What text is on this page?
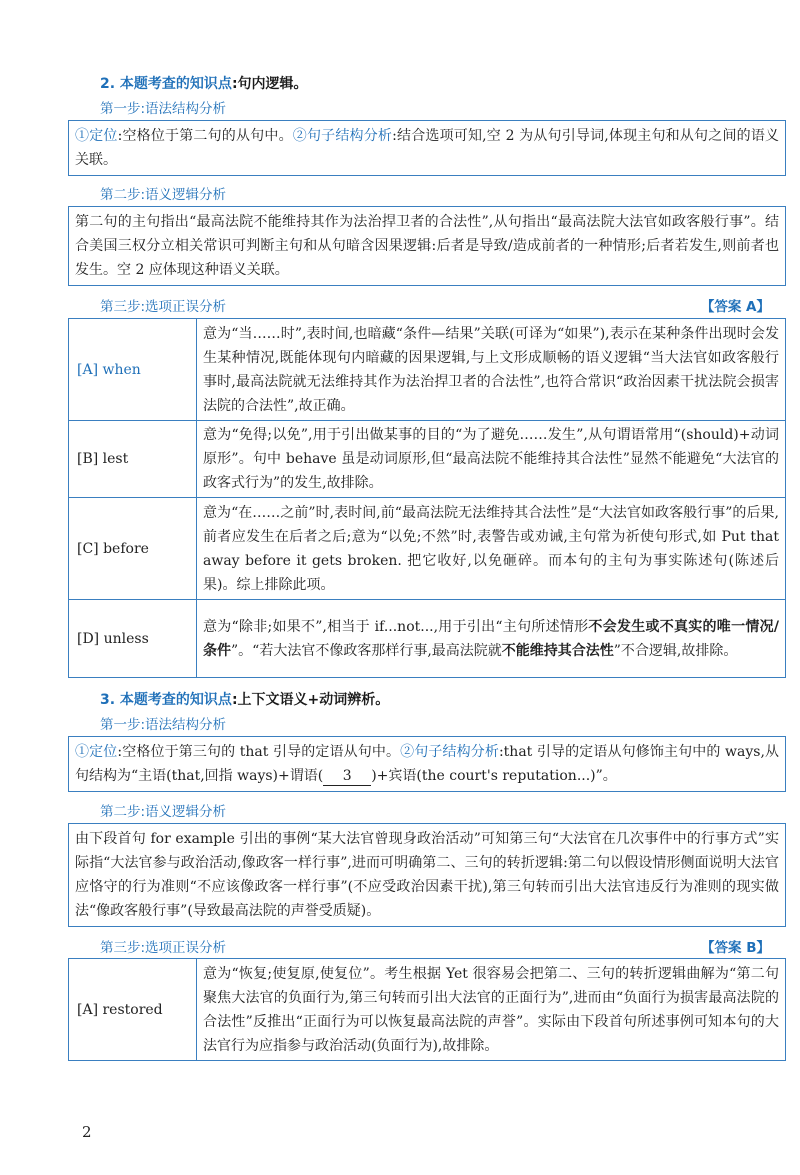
2. 本题考查的知识点:句内逻辑。
第一步:语法结构分析
①定位:空格位于第二句的从句中。②句子结构分析:结合选项可知,空 2 为从句引导词,体现主句和从句之间的语义关联。
第二步:语义逻辑分析
第二句的主句指出“最高法院不能维持其作为法治捍卫者的合法性”,从句指出“最高法院大法官如政客般行事”。结合美国三权分立相关常识可判断主句和从句暗含因果逻辑:后者是导致/造成前者的一种情形;后者若发生,则前者也发生。空 2 应体现这种语义关联。
第三步:选项正误分析	【答案 A】
[A] when	意为“当……时”,表时间,也暗藏“条件—结果”关联(可译为“如果”),表示在某种条件出现时会发生某种情况,既能体现句内暗藏的因果逻辑,与上文形成顺畅的语义逻辑“当大法官如政客般行事时,最高法院就无法维持其作为法治捍卫者的合法性”,也符合常识“政治因素干扰法院会损害法院的合法性”,故正确。
[B] lest	意为“免得;以免”,用于引出做某事的目的“为了避免……发生”,从句谓语常用“(should)+动词原形”。句中 behave 虽是动词原形,但“最高法院不能维持其合法性”显然不能避免“大法官的政客式行为”的发生,故排除。
[C] before	意为“在……之前”时,表时间,前“最高法院无法维持其合法性”是“大法官如政客般行事”的后果,前者应发生在后者之后;意为“以免;不然”时,表警告或劝诫,主句常为祈使句形式,如 Put that away before it gets broken. 把它收好,以免砸碎。而本句的主句为事实陈述句(陈述后果)。综上排除此项。
[D] unless	意为“除非;如果不”,相当于 if...not...,用于引出“主句所述情形不会发生或不真实的唯一情况/条件”。“若大法官不像政客那样行事,最高法院就不能维持其合法性”不合逻辑,故排除。
3. 本题考查的知识点:上下文语义+动词辨析。
第一步:语法结构分析
①定位:空格位于第三句的 that 引导的定语从句中。②句子结构分析:that 引导的定语从句修饰主句中的 ways,从句结构为“主语(that,回指 ways)+谓语( 3 )+宾语(the court's reputation...)”。
第二步:语义逻辑分析
由下段首句 for example 引出的事例“某大法官曾现身政治活动”可知第三句“大法官在几次事件中的行事方式”实际指“大法官参与政治活动,像政客一样行事”,进而可明确第二、三句的转折逻辑:第二句以假设情形侧面说明大法官应恪守的行为准则“不应该像政客一样行事”(不应受政治因素干扰),第三句转而引出大法官违反行为准则的现实做法“像政客般行事”(导致最高法院的声誉受质疑)。
第三步:选项正误分析	【答案 B】
[A] restored	意为“恢复;使复原,使复位”。考生根据 Yet 很容易会把第二、三句的转折逻辑曲解为“第二句聚焦大法官的负面行为,第三句转而引出大法官的正面行为”,进而由“负面行为损害最高法院的合法性”反推出“正面行为可以恢复最高法院的声誉”。实际由下段首句所述事例可知本句的大法官行为应指参与政治活动(负面行为),故排除。
2
